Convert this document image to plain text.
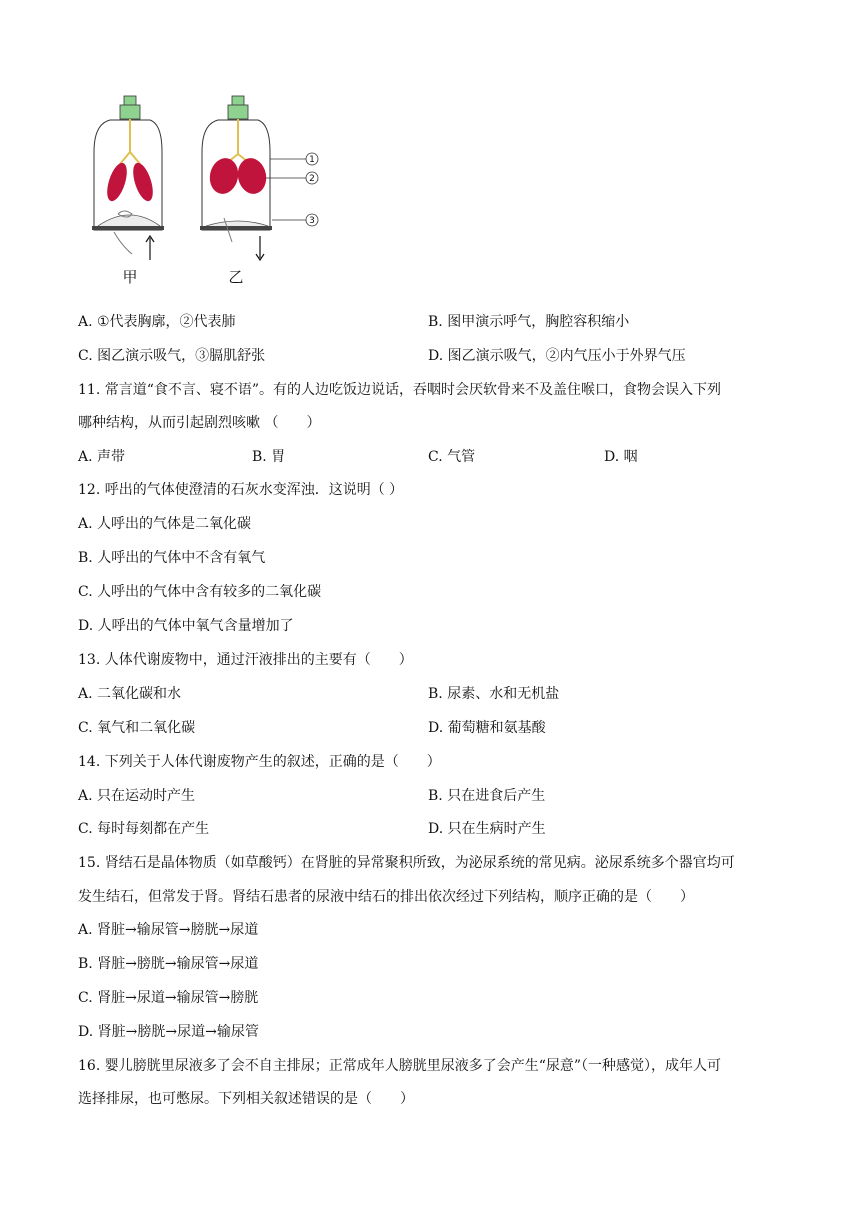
甲	乙
1
2
3
A. ①代表胸廓，②代表肺	B. 图甲演示呼气，胸腔容积缩小
C. 图乙演示吸气，③膈肌舒张	D. 图乙演示吸气，②内气压小于外界气压
11. 常言道“食不言、寝不语”。有的人边吃饭边说话，吞咽时会厌软骨来不及盖住喉口，食物会误入下列
哪种结构，从而引起剧烈咳嗽 （　　）
A. 声带	B. 胃	C. 气管	D. 咽
12. 呼出的气体使澄清的石灰水变浑浊．这说明（ ）
A. 人呼出的气体是二氧化碳
B. 人呼出的气体中不含有氧气
C. 人呼出的气体中含有较多的二氧化碳
D. 人呼出的气体中氧气含量增加了
13. 人体代谢废物中，通过汗液排出的主要有（　　）
A. 二氧化碳和水	B. 尿素、水和无机盐
C. 氧气和二氧化碳	D. 葡萄糖和氨基酸
14. 下列关于人体代谢废物产生的叙述，正确的是（　　）
A. 只在运动时产生	B. 只在进食后产生
C. 每时每刻都在产生	D. 只在生病时产生
15. 肾结石是晶体物质（如草酸钙）在肾脏的异常聚积所致，为泌尿系统的常见病。泌尿系统多个器官均可
发生结石，但常发于肾。肾结石患者的尿液中结石的排出依次经过下列结构，顺序正确的是（　　）
A. 肾脏→输尿管→膀胱→尿道
B. 肾脏→膀胱→输尿管→尿道
C. 肾脏→尿道→输尿管→膀胱
D. 肾脏→膀胱→尿道→输尿管
16. 婴儿膀胱里尿液多了会不自主排尿；正常成年人膀胱里尿液多了会产生“尿意”（一种感觉），成年人可
选择排尿，也可憋尿。下列相关叙述错误的是（　　）
